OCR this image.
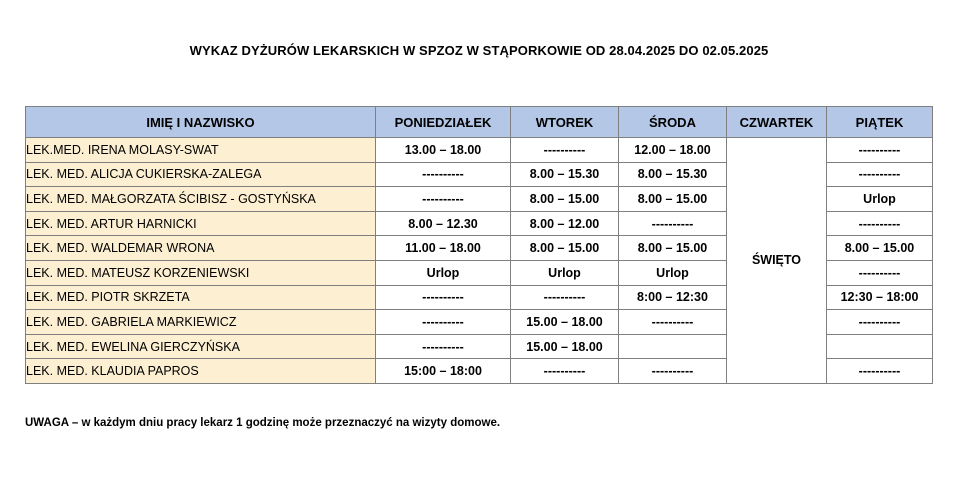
WYKAZ DYŻURÓW LEKARSKICH W SPZOZ W STĄPORKOWIE OD 28.04.2025 DO 02.05.2025
IMIĘ I NAZWISKO	PONIEDZIAŁEK	WTOREK	ŚRODA	CZWARTEK	PIĄTEK
LEK.MED. IRENA MOLASY-SWAT	13.00 – 18.00	----------	12.00 – 18.00	ŚWIĘTO	----------
LEK. MED. ALICJA CUKIERSKA-ZALEGA	----------	8.00 – 15.30	8.00 – 15.30		----------
LEK. MED. MAŁGORZATA ŚCIBISZ - GOSTYŃSKA	----------	8.00 – 15.00	8.00 – 15.00		Urlop
LEK. MED. ARTUR HARNICKI	8.00 – 12.30	8.00 – 12.00	----------		----------
LEK. MED. WALDEMAR WRONA	11.00 – 18.00	8.00 – 15.00	8.00 – 15.00		8.00 – 15.00
LEK. MED. MATEUSZ KORZENIEWSKI	Urlop	Urlop	Urlop		----------
LEK. MED. PIOTR SKRZETA	----------	----------	8:00 – 12:30		12:30 – 18:00
LEK. MED. GABRIELA MARKIEWICZ	----------	15.00 – 18.00	----------		----------
LEK. MED. EWELINA GIERCZYŃSKA	----------	15.00 – 18.00			
LEK. MED. KLAUDIA PAPROS	15:00 – 18:00	----------	----------		----------
UWAGA – w każdym dniu pracy lekarz 1 godzinę może przeznaczyć na wizyty domowe.
